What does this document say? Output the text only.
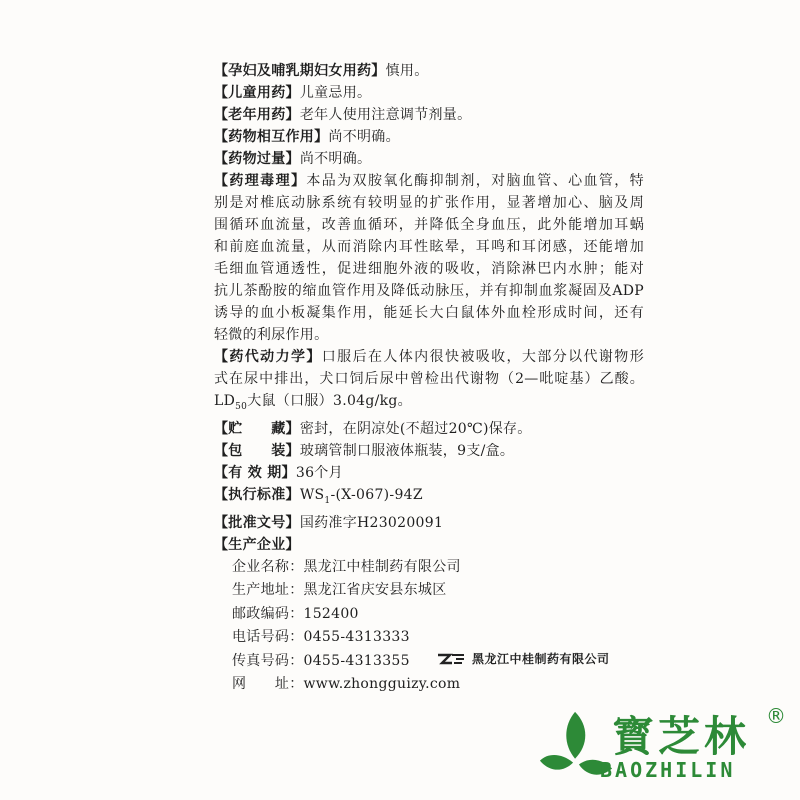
【孕妇及哺乳期妇女用药】慎用。
【儿童用药】儿童忌用。
【老年用药】老年人使用注意调节剂量。
【药物相互作用】尚不明确。
【药物过量】尚不明确。
【药理毒理】本品为双胺氧化酶抑制剂，对脑血管、心血管，特
别是对椎底动脉系统有较明显的扩张作用，显著增加心、脑及周
围循环血流量，改善血循环，并降低全身血压，此外能增加耳蜗
和前庭血流量，从而消除内耳性眩晕，耳鸣和耳闭感，还能增加
毛细血管通透性，促进细胞外液的吸收，消除淋巴内水肿；能对
抗儿茶酚胺的缩血管作用及降低动脉压，并有抑制血浆凝固及ADP
诱导的血小板凝集作用，能延长大白鼠体外血栓形成时间，还有
轻微的利尿作用。
【药代动力学】口服后在人体内很快被吸收，大部分以代谢物形
式在尿中排出，犬口饲后尿中曾检出代谢物（2—吡啶基）乙酸。
$LD_{50}$大鼠（口服）3.04g/kg。
【贮　　藏】密封，在阴凉处(不超过20℃)保存。
【包　　装】玻璃管制口服液体瓶装，9支/盒。
【有 效 期】36个月
【执行标准】$WS_1-(X-067)-94Z$
【批准文号】国药准字H23020091
【生产企业】
企业名称：黑龙江中桂制药有限公司
生产地址：黑龙江省庆安县东城区
邮政编码：152400
电话号码：0455-4313333
传真号码：0455-4313355
网　　址：www.zhongguizy.com
黑龙江中桂制药有限公司
寳芝林 ®
BAOZHILIN
